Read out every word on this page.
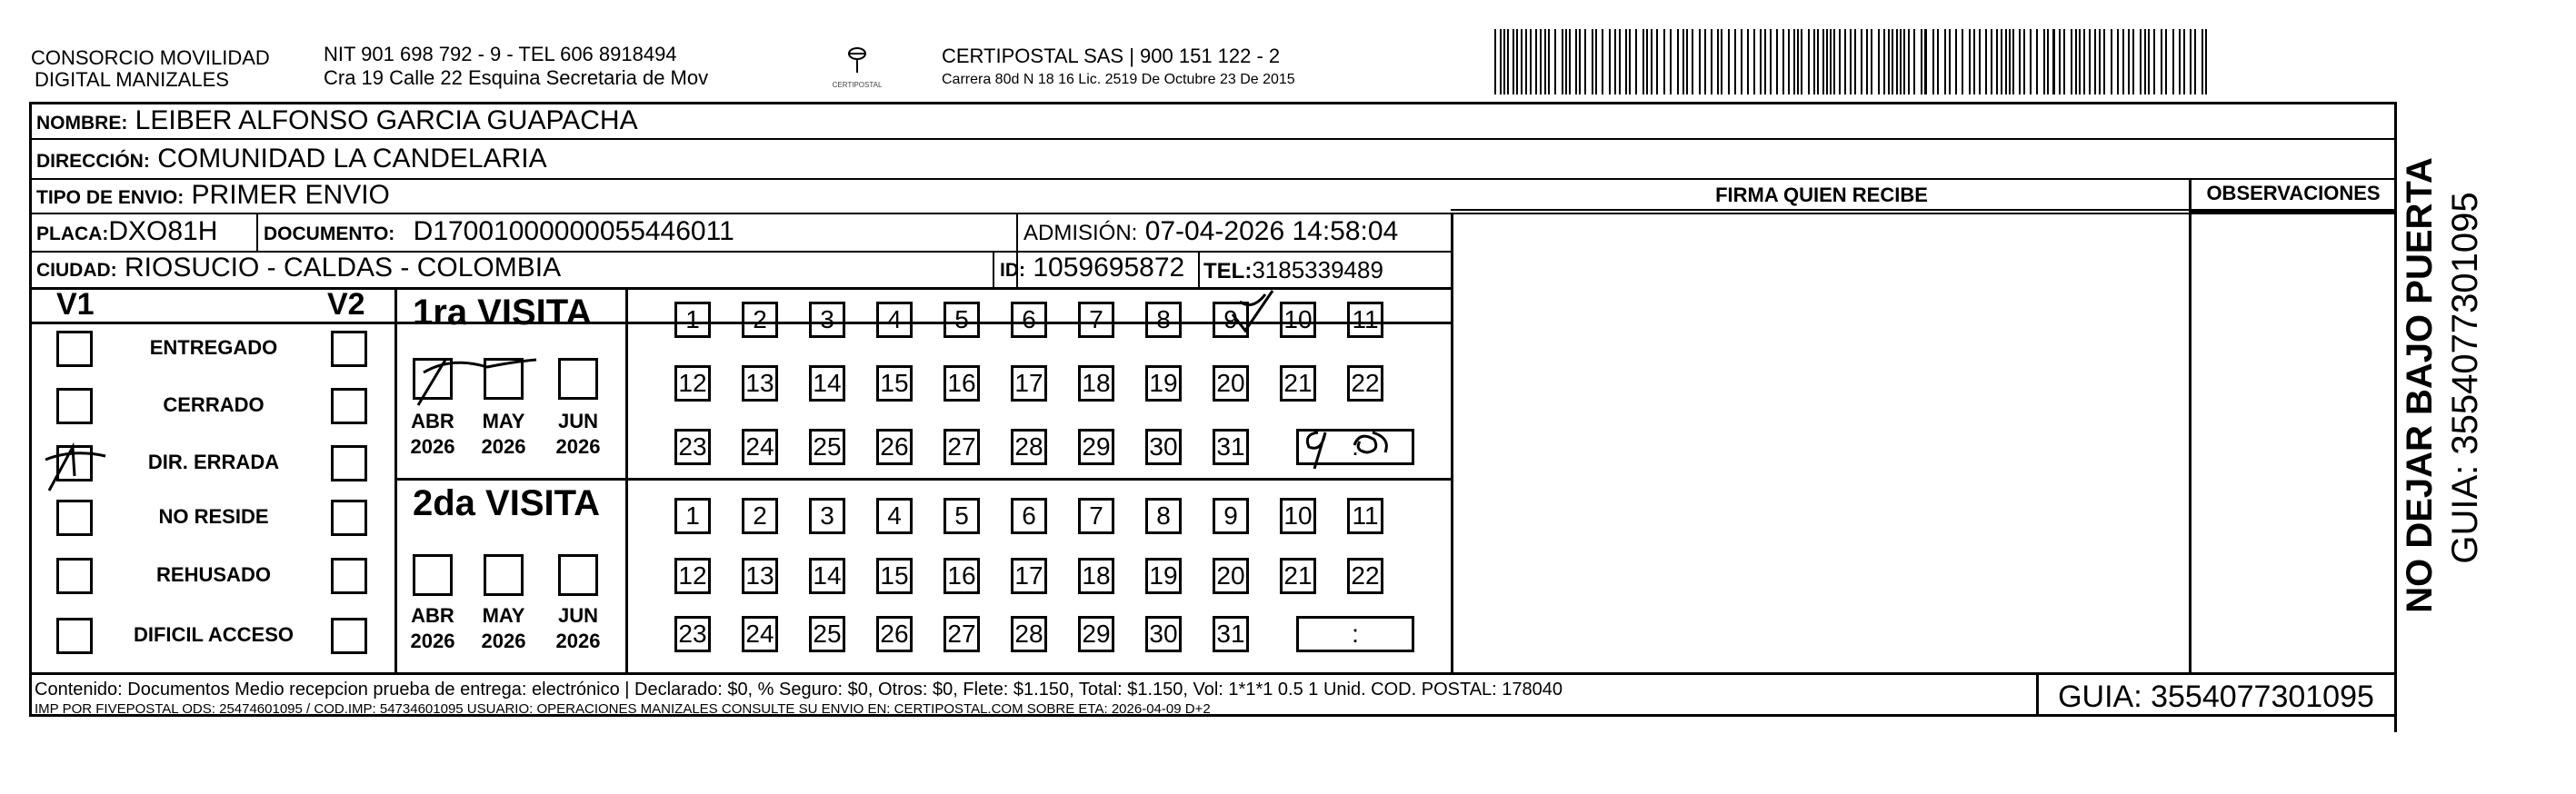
CONSORCIO MOVILIDAD
DIGITAL MANIZALES
NIT 901 698 792 - 9 - TEL 606 8918494
Cra 19 Calle 22 Esquina Secretaria de Mov	CERTIPOSTAL
CERTIPOSTAL SAS | 900 151 122 - 2
Carrera 80d N 18 16 Lic. 2519 De Octubre 23 De 2015
NOMBRE: LEIBER ALFONSO GARCIA GUAPACHA
DIRECCIÓN: COMUNIDAD LA CANDELARIA
TIPO DE ENVIO: PRIMER ENVIO
PLACA:DXO81H DOCUMENTO: D17001000000055446011	ADMISIÓN: 07-04-2026 14:58:04
CIUDAD: RIOSUCIO - CALDAS - COLOMBIA	ID: 1059695872 TEL:3185339489
FIRMA QUIEN RECIBE	OBSERVACIONES
V1	V2
ENTREGADO
CERRADO
DIR. ERRADA
NO RESIDE
REHUSADO
DIFICIL ACCESO
1ra VISITA
2da VISITA
ABR
2026
MAY
2026
JUN
2026
ABR
2026
MAY
2026
JUN
2026
1	2	3	4	5	6	7	8	9	10 11
12 13 14 15 16 17 18 19 20 21 22
23 24 25 26 27 28 29 30 31	:
1	2	3	4	5	6	7	8	9	10 11
12 13 14 15 16 17 18 19 20 21 22
23 24 25 26 27 28 29 30 31	:
Contenido: Documentos Medio recepcion prueba de entrega: electrónico | Declarado: $0, % Seguro: $0, Otros: $0, Flete: $1.150, Total: $1.150, Vol: 1*1*1 0.5 1 Unid. COD. POSTAL: 178040
IMP POR FIVEPOSTAL ODS: 25474601095 / COD.IMP: 54734601095 USUARIO: OPERACIONES MANIZALES CONSULTE SU ENVIO EN: CERTIPOSTAL.COM SOBRE ETA: 2026-04-09 D+2	GUIA: 3554077301095
NO DEJAR BAJO PUERTA GUIA: 3554077301095
